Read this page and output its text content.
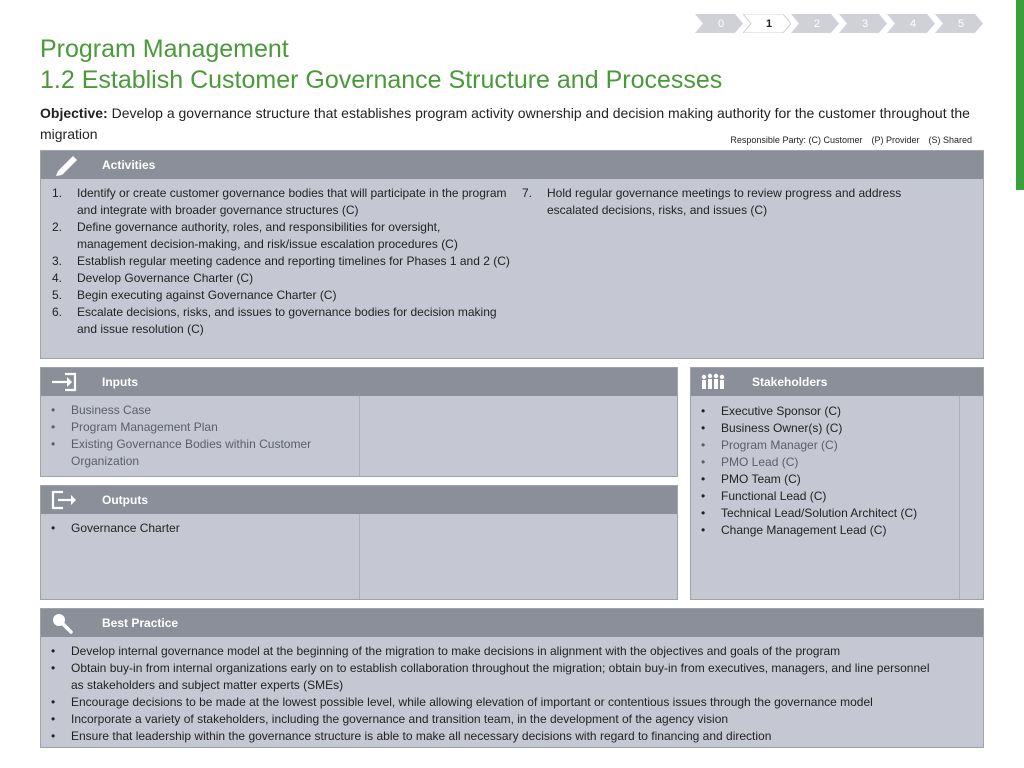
0	1	2	3	4	5
Program Management
1.2 Establish Customer Governance Structure and Processes
Objective: Develop a governance structure that establishes program activity ownership and decision making authority for the customer throughout the migration	Responsible Party: (C) Customer (P) Provider (S) Shared
Activities
1.	Identify or create customer governance bodies that will participate in the program and integrate with broader governance structures (C)
2.	Define governance authority, roles, and responsibilities for oversight, management decision-making, and risk/issue escalation procedures (C)
3.	Establish regular meeting cadence and reporting timelines for Phases 1 and 2 (C)
4.	Develop Governance Charter (C)
5.	Begin executing against Governance Charter (C)
6.	Escalate decisions, risks, and issues to governance bodies for decision making and issue resolution (C)
7.	Hold regular governance meetings to review progress and address escalated decisions, risks, and issues (C)
Inputs
•	Business Case
•	Program Management Plan
•	Existing Governance Bodies within Customer Organization
Outputs
•	Governance Charter
Stakeholders
•	Executive Sponsor (C)
•	Business Owner(s) (C)
•	Program Manager (C)
•	PMO Lead (C)
•	PMO Team (C)
•	Functional Lead (C)
•	Technical Lead/Solution Architect (C)
•	Change Management Lead (C)
Best Practice
•	Develop internal governance model at the beginning of the migration to make decisions in alignment with the objectives and goals of the program
•	Obtain buy-in from internal organizations early on to establish collaboration throughout the migration; obtain buy-in from executives, managers, and line personnel as stakeholders and subject matter experts (SMEs)
•	Encourage decisions to be made at the lowest possible level, while allowing elevation of important or contentious issues through the governance model
•	Incorporate a variety of stakeholders, including the governance and transition team, in the development of the agency vision
•	Ensure that leadership within the governance structure is able to make all necessary decisions with regard to financing and direction
